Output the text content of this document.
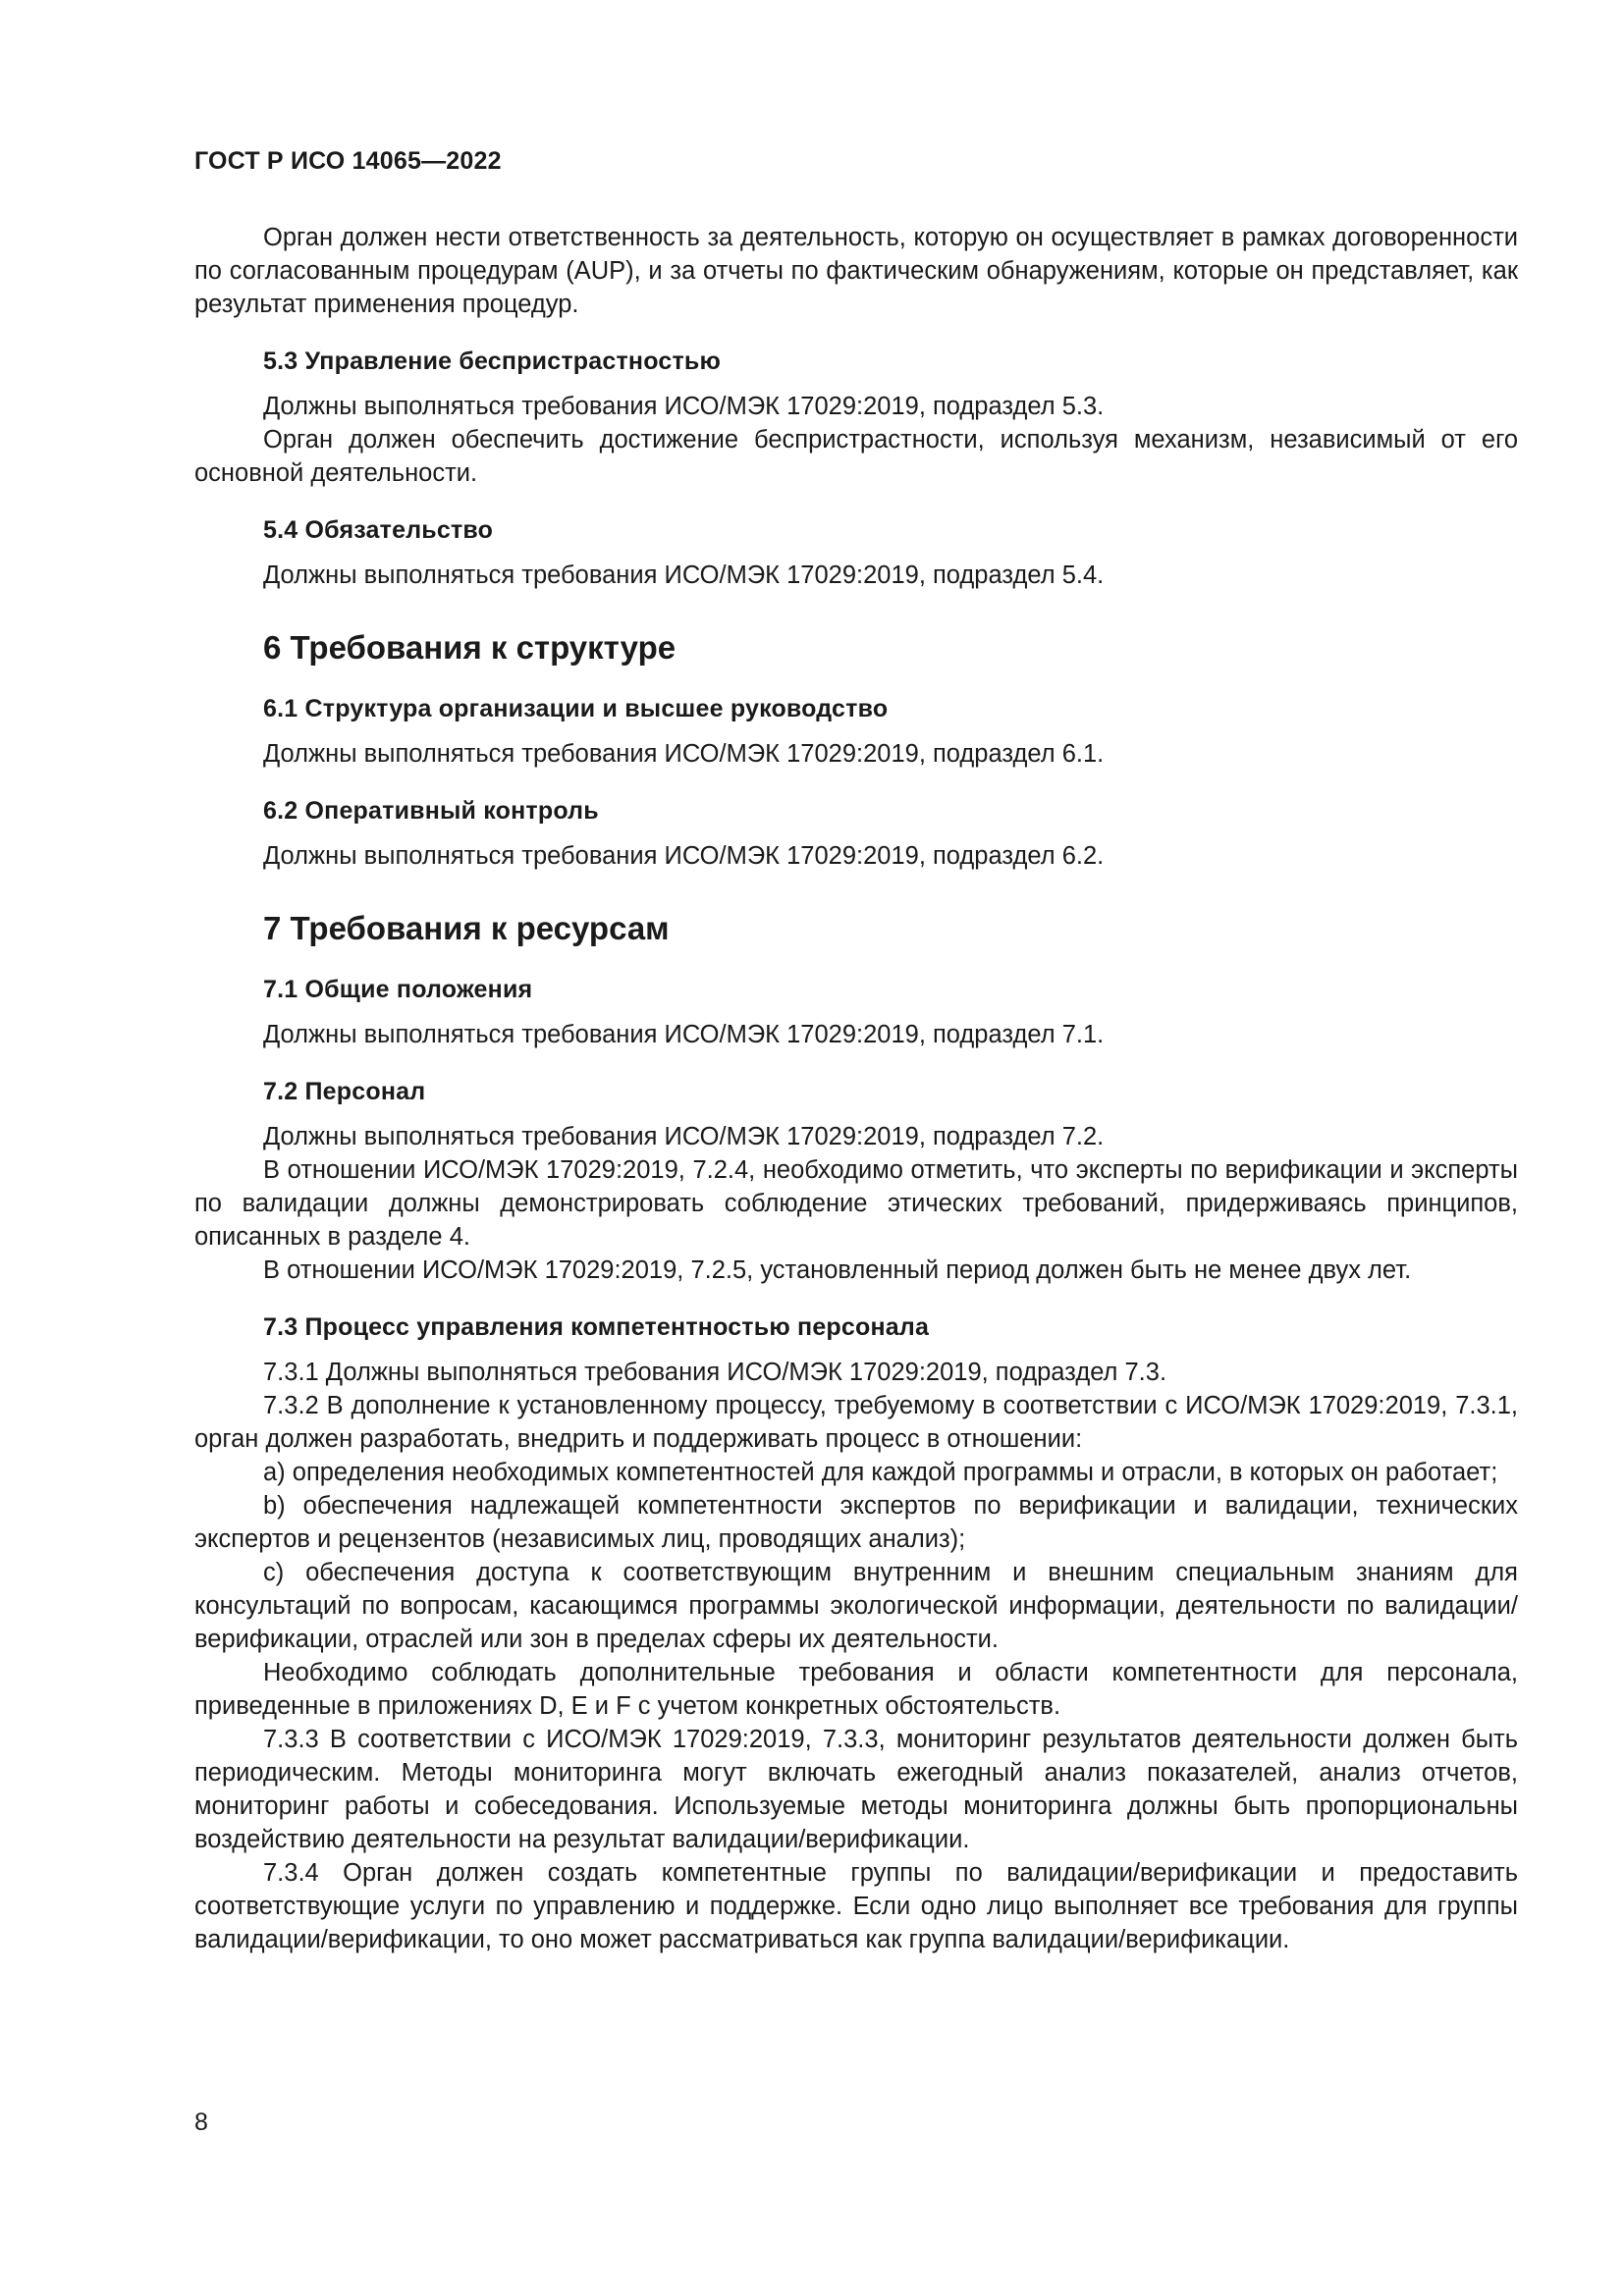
ГОСТ Р ИСО 14065—2022

Орган должен нести ответственность за деятельность, которую он осуществляет в рамках договоренности по согласованным процедурам (AUP), и за отчеты по фактическим обнаружениям, которые он представляет, как результат применения процедур.

5.3 Управление беспристрастностью

Должны выполняться требования ИСО/МЭК 17029:2019, подраздел 5.3.

Орган должен обеспечить достижение беспристрастности, используя механизм, независимый от его основной деятельности.

5.4 Обязательство

Должны выполняться требования ИСО/МЭК 17029:2019, подраздел 5.4.

6 Требования к структуре
6.1 Структура организации и высшее руководство

Должны выполняться требования ИСО/МЭК 17029:2019, подраздел 6.1.

6.2 Оперативный контроль

Должны выполняться требования ИСО/МЭК 17029:2019, подраздел 6.2.

7 Требования к ресурсам
7.1 Общие положения

Должны выполняться требования ИСО/МЭК 17029:2019, подраздел 7.1.

7.2 Персонал

Должны выполняться требования ИСО/МЭК 17029:2019, подраздел 7.2.

В отношении ИСО/МЭК 17029:2019, 7.2.4, необходимо отметить, что эксперты по верификации и эксперты по валидации должны демонстрировать соблюдение этических требований, придерживаясь принципов, описанных в разделе 4.

В отношении ИСО/МЭК 17029:2019, 7.2.5, установленный период должен быть не менее двух лет.

7.3 Процесс управления компетентностью персонала

7.3.1 Должны выполняться требования ИСО/МЭК 17029:2019, подраздел 7.3.

7.3.2 В дополнение к установленному процессу, требуемому в соответствии с ИСО/МЭК 17029:2019, 7.3.1, орган должен разработать, внедрить и поддерживать процесс в отношении:

a) определения необходимых компетентностей для каждой программы и отрасли, в которых он работает;

b) обеспечения надлежащей компетентности экспертов по верификации и валидации, технических экспертов и рецензентов (независимых лиц, проводящих анализ);

c) обеспечения доступа к соответствующим внутренним и внешним специальным знаниям для консультаций по вопросам, касающимся программы экологической информации, деятельности по валидации/верификации, отраслей или зон в пределах сферы их деятельности.

Необходимо соблюдать дополнительные требования и области компетентности для персонала, приведенные в приложениях D, E и F с учетом конкретных обстоятельств.

7.3.3 В соответствии с ИСО/МЭК 17029:2019, 7.3.3, мониторинг результатов деятельности должен быть периодическим. Методы мониторинга могут включать ежегодный анализ показателей, анализ отчетов, мониторинг работы и собеседования. Используемые методы мониторинга должны быть пропорциональны воздействию деятельности на результат валидации/верификации.

7.3.4 Орган должен создать компетентные группы по валидации/верификации и предоставить соответствующие услуги по управлению и поддержке. Если одно лицо выполняет все требования для группы валидации/верификации, то оно может рассматриваться как группа валидации/верификации.

8
